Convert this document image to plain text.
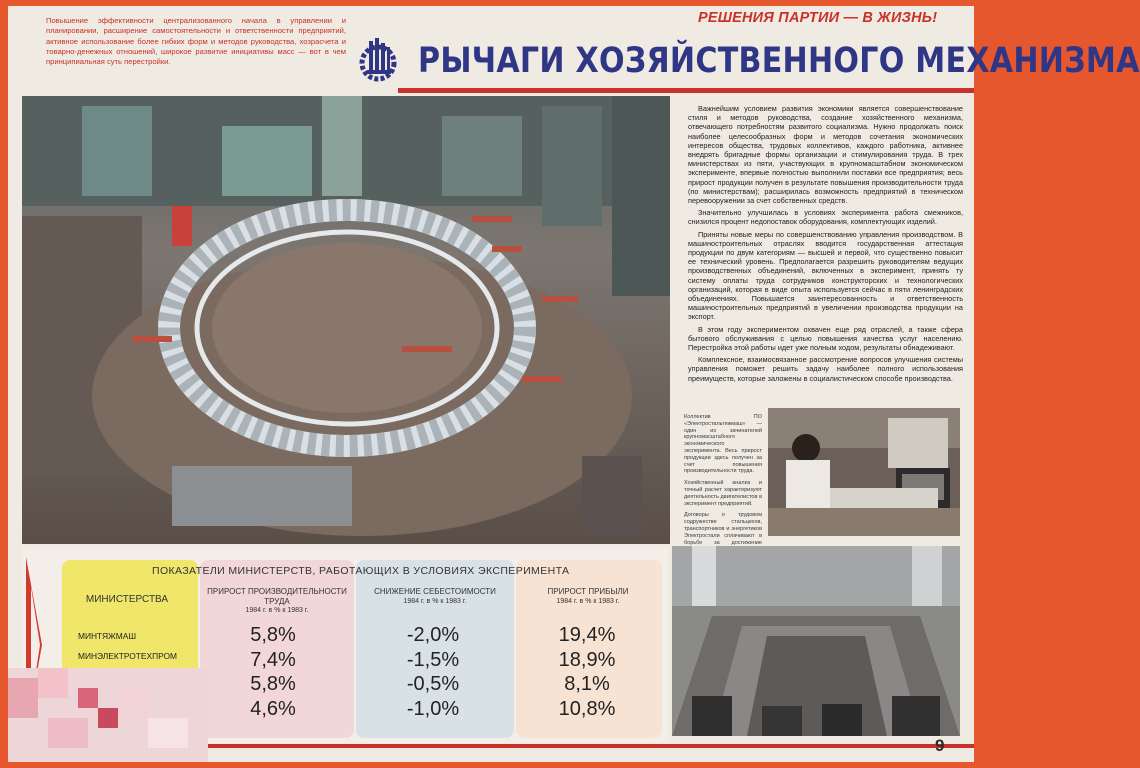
Повышение эффективности централизованного начала в управлении и планировании, расширение самостоятельности и ответственности предприятий, активное использование более гибких форм и методов руководства, хозрасчета и товарно-денежных отношений, широкое развитие инициативы масс — вот в чем принципиальная суть перестройки.
РЕШЕНИЯ ПАРТИИ — В ЖИЗНЬ!
РЫЧАГИ ХОЗЯЙСТВЕННОГО МЕХАНИЗМА

Важнейшим условием развития экономики является совершенствование стиля и методов руководства, создание хозяйственного механизма, отвечающего потребностям развитого социализма. Нужно продолжать поиск наиболее целесообразных форм и методов сочетания экономических интересов общества, трудовых коллективов, каждого работника, активнее внедрять бригадные формы организации и стимулирования труда. В трех министерствах из пяти, участвующих в крупномасштабном экономическом эксперименте, впервые полностью выполнили поставки все предприятия; весь прирост продукции получен в результате повышения производительности труда (по министерствам); расширилась возможность предприятий в техническом перевооружении за счет собственных средств.

Значительно улучшилась в условиях эксперимента работа смежников, снизился процент недопоставок оборудования, комплектующих изделий.

Приняты новые меры по совершенствованию управления производством. В машиностроительных отраслях вводится государственная аттестация продукции по двум категориям — высшей и первой, что существенно повысит ее технический уровень. Предполагается разрешить руководителям ведущих производственных объединений, включенных в эксперимент, принять ту систему оплаты труда сотрудников конструкторских и технологических организаций, которая в виде опыта используется сейчас в пяти ленинградских объединениях. Повышается заинтересованность и ответственность машиностроительных предприятий в увеличении производства продукции на экспорт.

В этом году экспериментом охвачен еще ряд отраслей, а также сфера бытового обслуживания с целью повышения качества услуг населению. Перестройка этой работы идет уже полным ходом, результаты обнадеживают.

Комплексное, взаимосвязанное рассмотрение вопросов улучшения системы управления поможет решить задачу наиболее полного использования преимуществ, которые заложены в социалистическом способе производства.

Коллектив ПО «Электростальтяжмаш» — один из зачинателей крупномасштабного экономического эксперимента. Весь прирост продукции здесь получен за счет повышения производительности труда.

Хозяйственный анализ и точный расчет характеризуют деятельность двигателистов в эксперимент предприятий.

Договоры о трудовом содружестве стальцехов, транспортников и энергетиков Электростали сплачивают в борьбе за достижение

ПОКАЗАТЕЛИ МИНИСТЕРСТВ, РАБОТАЮЩИХ В УСЛОВИЯХ ЭКСПЕРИМЕНТА
МИНИСТЕРСТВА
ПРИРОСТ ПРОИЗВОДИТЕЛЬНОСТИ ТРУДА
1984 г. в % к 1983 г.
СНИЖЕНИЕ СЕБЕСТОИМОСТИ
1984 г. в % к 1983 г.
ПРИРОСТ ПРИБЫЛИ
1984 г. в % к 1983 г.
МИНТЯЖМАШ
МИНЭЛЕКТРОТЕХПРОМ
5,8%
7,4%
5,8%
4,6%
-2,0%
-1,5%
-0,5%
-1,0%
19,4%
18,9%
8,1%
10,8%
9
